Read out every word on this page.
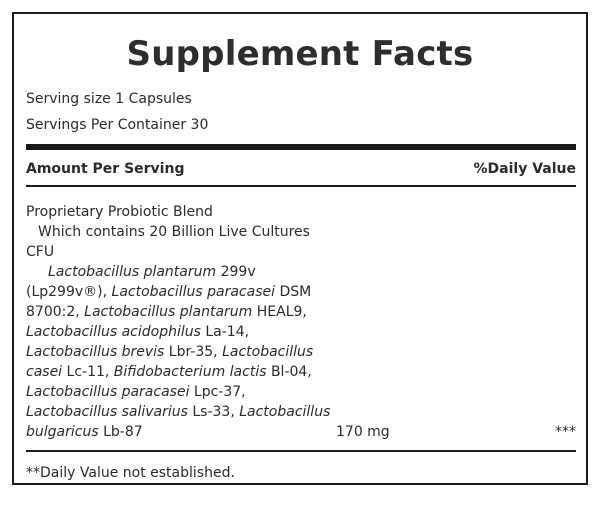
Supplement Facts
Serving size 1 Capsules
Servings Per Container 30
Amount Per Serving	%Daily Value
Proprietary Probiotic Blend
Which contains 20 Billion Live Cultures
CFU
Lactobacillus plantarum 299v
(Lp299v®), Lactobacillus paracasei DSM
8700:2, Lactobacillus plantarum HEAL9,
Lactobacillus acidophilus La-14,
Lactobacillus brevis Lbr-35, Lactobacillus
casei Lc-11, Bifidobacterium lactis Bl-04,
Lactobacillus paracasei Lpc-37,
Lactobacillus salivarius Ls-33, Lactobacillus
bulgaricus Lb-87	170 mg	***
**Daily Value not established.
